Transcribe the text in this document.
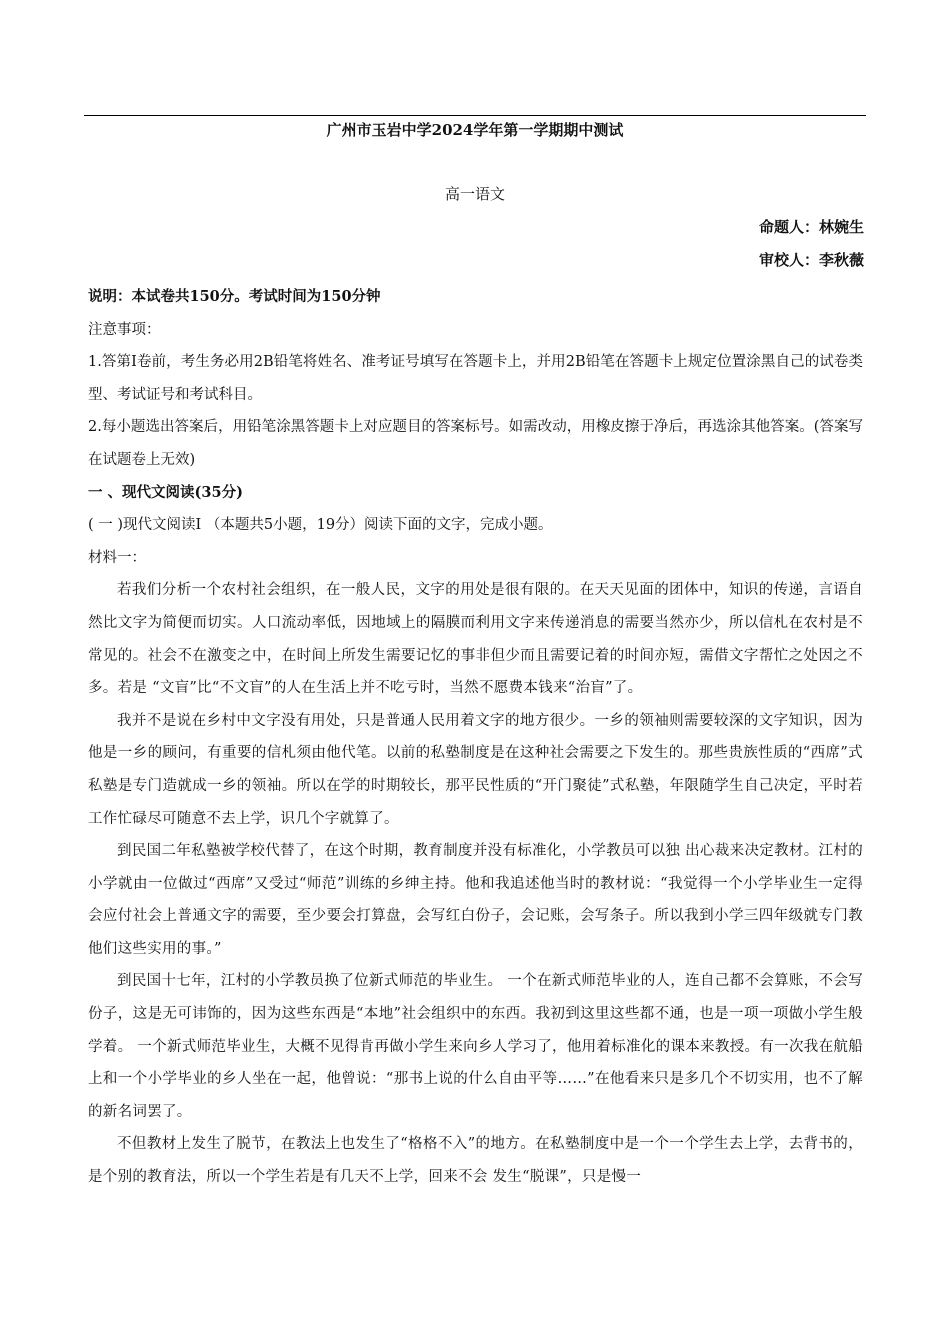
广州市玉岩中学2024学年第一学期期中测试
高一语文
命题人：林婉生
审校人：李秋薇

说明：本试卷共150分。考试时间为150分钟

注意事项：

1.答第I卷前，考生务必用2B铅笔将姓名、准考证号填写在答题卡上，并用2B铅笔在答题卡上规定位置涂黑自己的试卷类型、考试证号和考试科目。

2.每小题选出答案后，用铅笔涂黑答题卡上对应题目的答案标号。如需改动，用橡皮擦于净后，再选涂其他答案。(答案写在试题卷上无效)

一 、现代文阅读(35分)

( 一 )现代文阅读I （本题共5小题，19分）阅读下面的文字，完成小题。

材料一：

若我们分析一个农村社会组织，在一般人民，文字的用处是很有限的。在天天见面的团体中，知识的传递，言语自然比文字为简便而切实。人口流动率低，因地域上的隔膜而利用文字来传递消息的需要当然亦少，所以信札在农村是不常见的。社会不在激变之中，在时间上所发生需要记忆的事非但少而且需要记着的时间亦短，需借文字帮忙之处因之不多。若是 “文盲”比“不文盲”的人在生活上并不吃亏时，当然不愿费本钱来“治盲”了。

我并不是说在乡村中文字没有用处，只是普通人民用着文字的地方很少。一乡的领袖则需要较深的文字知识，因为他是一乡的顾问，有重要的信札须由他代笔。以前的私塾制度是在这种社会需要之下发生的。那些贵族性质的“西席”式私塾是专门造就成一乡的领袖。所以在学的时期较长，那平民性质的“开门聚徒”式私塾，年限随学生自己决定，平时若工作忙碌尽可随意不去上学，识几个字就算了。

到民国二年私塾被学校代替了，在这个时期，教育制度并没有标准化，小学教员可以独 出心裁来决定教材。江村的小学就由一位做过“西席”又受过“师范”训练的乡绅主持。他和我追述他当时的教材说：“我觉得一个小学毕业生一定得会应付社会上普通文字的需要，至少要会打算盘，会写红白份子，会记账，会写条子。所以我到小学三四年级就专门教他们这些实用的事。”

到民国十七年，江村的小学教员换了位新式师范的毕业生。 一个在新式师范毕业的人，连自己都不会算账，不会写份子，这是无可讳饰的，因为这些东西是“本地”社会组织中的东西。我初到这里这些都不通，也是一项一项做小学生般学着。 一个新式师范毕业生，大概不见得肯再做小学生来向乡人学习了，他用着标准化的课本来教授。有一次我在航船上和一个小学毕业的乡人坐在一起，他曾说：“那书上说的什么自由平等……”在他看来只是多几个不切实用，也不了解的新名词罢了。

不但教材上发生了脱节，在教法上也发生了“格格不入”的地方。在私塾制度中是一个一个学生去上学，去背书的，是个别的教育法，所以一个学生若是有几天不上学，回来不会 发生“脱课”，只是慢一
